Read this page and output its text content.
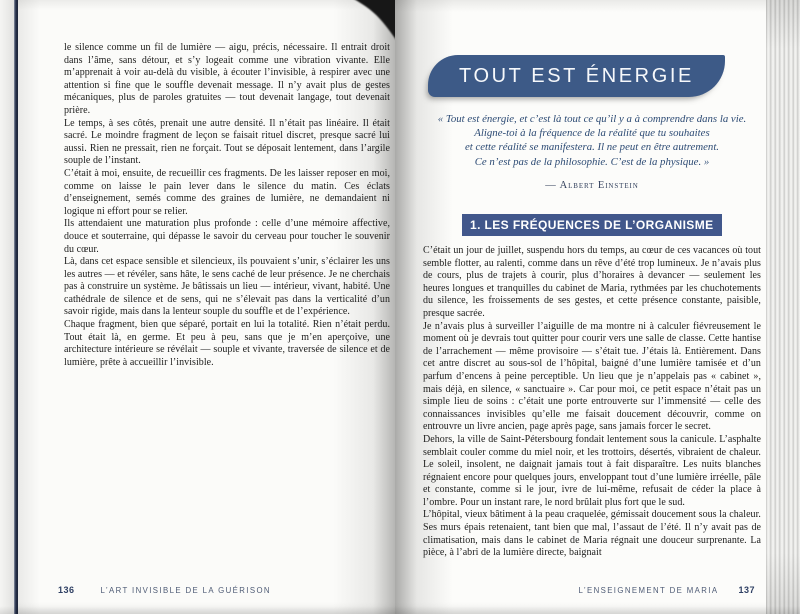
le silence comme un fil de lumière — aigu, précis, nécessaire. Il entrait droit dans l’âme, sans détour, et s’y logeait comme une vibration vivante. Elle m’apprenait à voir au-delà du visible, à écouter l’invisible, à respirer avec une attention si fine que le souffle devenait message. Il n’y avait plus de gestes mécaniques, plus de paroles gratuites — tout devenait langage, tout devenait prière.

Le temps, à ses côtés, prenait une autre densité. Il n’était pas linéaire. Il était sacré. Le moindre fragment de leçon se faisait rituel discret, presque sacré lui aussi. Rien ne pressait, rien ne forçait. Tout se déposait lentement, dans l’argile souple de l’instant.

C’était à moi, ensuite, de recueillir ces fragments. De les laisser reposer en moi, comme on laisse le pain lever dans le silence du matin. Ces éclats d’enseignement, semés comme des graines de lumière, ne demandaient ni logique ni effort pour se relier.

Ils attendaient une maturation plus profonde : celle d’une mémoire affective, douce et souterraine, qui dépasse le savoir du cerveau pour toucher le souvenir du cœur.

Là, dans cet espace sensible et silencieux, ils pouvaient s’unir, s’éclairer les uns les autres — et révéler, sans hâte, le sens caché de leur présence. Je ne cherchais pas à construire un système. Je bâtissais un lieu — intérieur, vivant, habité. Une cathédrale de silence et de sens, qui ne s’élevait pas dans la verticalité d’un savoir rigide, mais dans la lenteur souple du souffle et de l’expérience.

Chaque fragment, bien que séparé, portait en lui la totalité. Rien n’était perdu. Tout était là, en germe. Et peu à peu, sans que je m’en aperçoive, une architecture intérieure se révélait — souple et vivante, traversée de silence et de lumière, prête à accueillir l’invisible.

136	L’ART INVISIBLE DE LA GUÉRISON
TOUT EST ÉNERGIE
« Tout est énergie, et c’est là tout ce qu’il y a à comprendre dans la vie.
Aligne-toi à la fréquence de la réalité que tu souhaites
et cette réalité se manifestera. Il ne peut en être autrement.
Ce n’est pas de la philosophie. C’est de la physique. »
— Albert Einstein
1. LES FRÉQUENCES DE L’ORGANISME

C’était un jour de juillet, suspendu hors du temps, au cœur de ces vacances où tout semble flotter, au ralenti, comme dans un rêve d’été trop lumineux. Je n’avais plus de cours, plus de trajets à courir, plus d’horaires à devancer — seulement les heures longues et tranquilles du cabinet de Maria, rythmées par les chuchotements du silence, les froissements de ses gestes, et cette présence constante, paisible, presque sacrée.

Je n’avais plus à surveiller l’aiguille de ma montre ni à calculer fiévreusement le moment où je devrais tout quitter pour courir vers une salle de classe. Cette hantise de l’arrachement — même provisoire — s’était tue. J’étais là. Entièrement. Dans cet antre discret au sous-sol de l’hôpital, baigné d’une lumière tamisée et d’un parfum d’encens à peine perceptible. Un lieu que je n’appelais pas « cabinet », mais déjà, en silence, « sanctuaire ». Car pour moi, ce petit espace n’était pas un simple lieu de soins : c’était une porte entrouverte sur l’immensité — celle des connaissances invisibles qu’elle me faisait doucement découvrir, comme on entrouvre un livre ancien, page après page, sans jamais forcer le secret.

Dehors, la ville de Saint-Pétersbourg fondait lentement sous la canicule. L’asphalte semblait couler comme du miel noir, et les trottoirs, désertés, vibraient de chaleur. Le soleil, insolent, ne daignait jamais tout à fait disparaître. Les nuits blanches régnaient encore pour quelques jours, enveloppant tout d’une lumière irréelle, pâle et constante, comme si le jour, ivre de lui-même, refusait de céder la place à l’ombre. Pour un instant rare, le nord brûlait plus fort que le sud.

L’hôpital, vieux bâtiment à la peau craquelée, gémissait doucement sous la chaleur. Ses murs épais retenaient, tant bien que mal, l’assaut de l’été. Il n’y avait pas de climatisation, mais dans le cabinet de Maria régnait une douceur surprenante. La pièce, à l’abri de la lumière directe, baignait

L’ENSEIGNEMENT DE MARIA 137
